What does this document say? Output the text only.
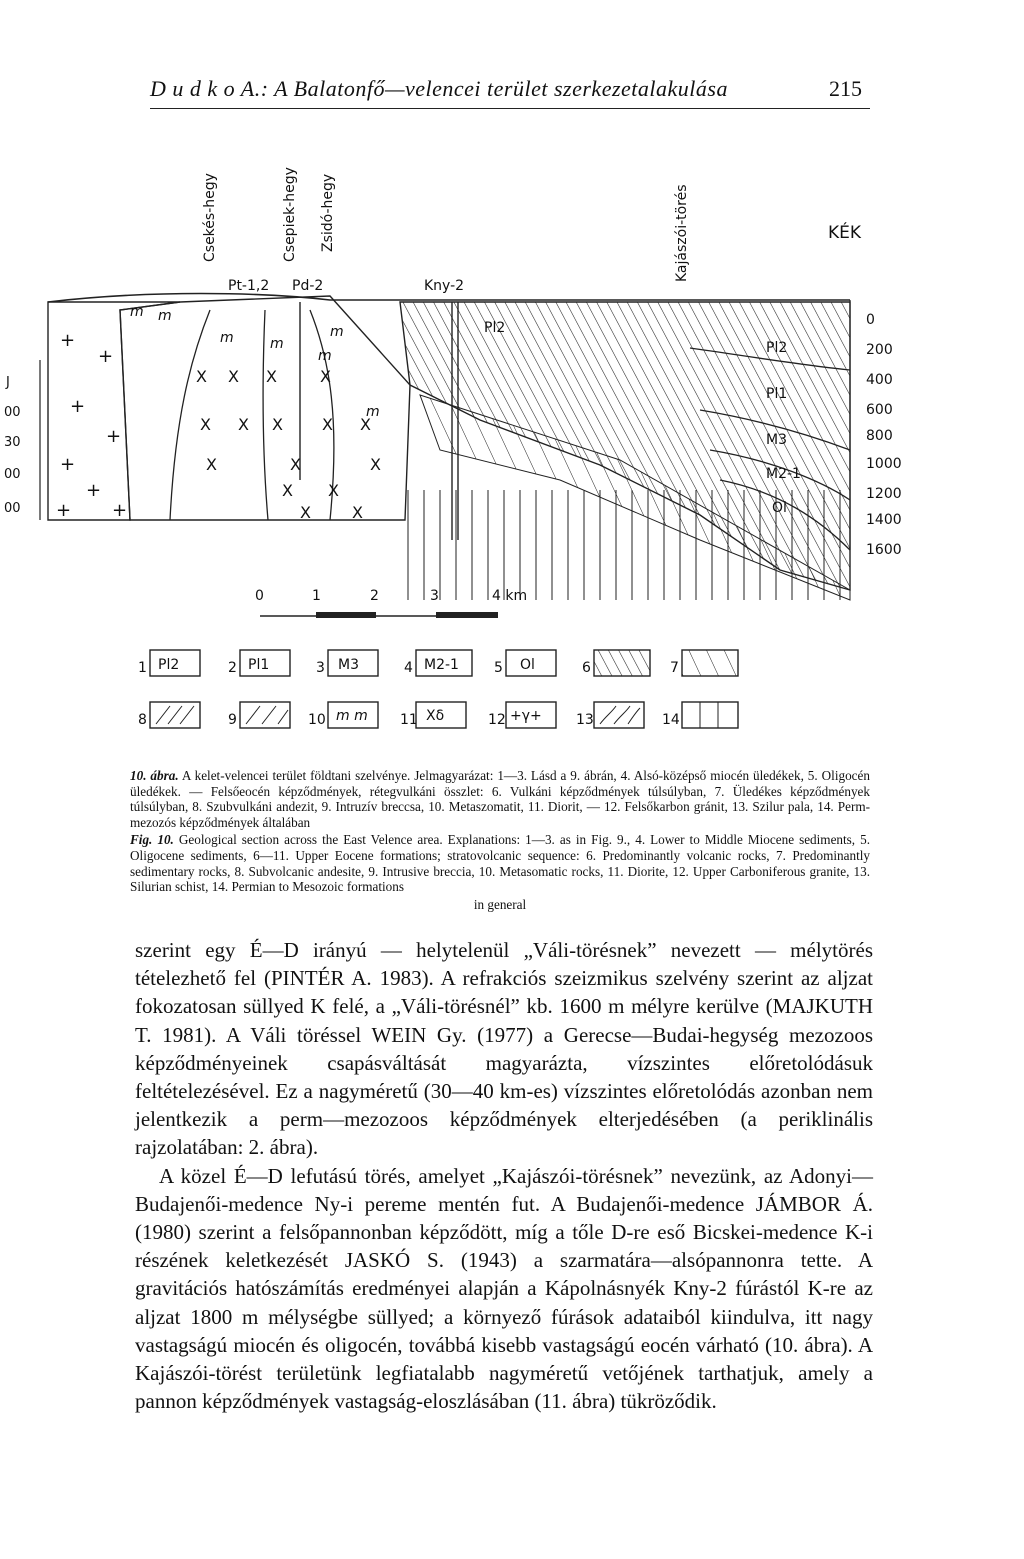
D u d k o A.: A Balatonfő—velencei terület szerkezetalakulása	215
Csekés-hegy	Csepiek-hegy Zsidó-hegy	Kajászói-törés	KÉK
Pt-1,2 Pd-2	Kny-2
+
+
+
+
+
+
+ +
X X X	X
X X X X X
X	X	X
X X
X	X
m m
m	m
m
m
m
Pl2
Pl2
Pl1
M3
M2-1
Ol
0
200
400
600
800
1000
1200
1400
1600
J
00
30
00
00
0	1	2	3	4 km
1 Pl2	2 Pl1	3 M3	4 M2-1	5 Ol	6	7
8	9	10 m m 11 Xδ	12 +γ+ 13	14

10. ábra. A kelet-velencei terület földtani szelvénye. Jelmagyarázat: 1—3. Lásd a 9. ábrán, 4. Alsó-középső miocén üledékek, 5. Oligocén üledékek. — Felsőeocén képződmények, rétegvulkáni összlet: 6. Vulkáni képződmények túlsúlyban, 7. Üledékes képződmények túlsúlyban, 8. Szubvulkáni andezit, 9. Intruzív breccsa, 10. Metaszomatit, 11. Diorit, — 12. Felsőkarbon gránit, 13. Szilur pala, 14. Perm-mezozós képződmények általában

Fig. 10. Geological section across the East Velence area. Explanations: 1—3. as in Fig. 9., 4. Lower to Middle Miocene sediments, 5. Oligocene sediments, 6—11. Upper Eocene formations; stratovolcanic sequence: 6. Predominantly volcanic rocks, 7. Predominantly sedimentary rocks, 8. Subvolcanic andesite, 9. Intrusive breccia, 10. Metasomatic rocks, 11. Diorite, 12. Upper Carboniferous granite, 13. Silurian schist, 14. Permian to Mesozoic formations

in general

szerint egy É—D irányú — helytelenül „Váli-törésnek” nevezett — mélytörés tételezhető fel (PINTÉR A. 1983). A refrakciós szeizmikus szelvény szerint az aljzat fokozatosan süllyed K felé, a „Váli-törésnél” kb. 1600 m mélyre kerülve (MAJKUTH T. 1981). A Váli töréssel WEIN Gy. (1977) a Gerecse—Budai-hegység mezozoos képződményeinek csapásváltását magyarázta, vízszintes előretolódásuk feltételezésével. Ez a nagyméretű (30—40 km-es) vízszintes előretolódás azonban nem jelentkezik a perm—mezozoos képződmények elterjedésében (a periklinális rajzolatában: 2. ábra).

A közel É—D lefutású törés, amelyet „Kajászói-törésnek” nevezünk, az Adonyi—Budajenői-medence Ny-i pereme mentén fut. A Budajenői-medence JÁMBOR Á. (1980) szerint a felsőpannonban képződött, míg a tőle D-re eső Bicskei-medence K-i részének keletkezését JASKÓ S. (1943) a szarmatára—alsópannonra tette. A gravitációs hatószámítás eredményei alapján a Kápolnásnyék Kny-2 fúrástól K-re az aljzat 1800 m mélységbe süllyed; a környező fúrások adataiból kiindulva, itt nagy vastagságú miocén és oligocén, továbbá kisebb vastagságú eocén várható (10. ábra). A Kajászói-törést területünk legfiatalabb nagyméretű vetőjének tarthatjuk, amely a pannon képződmények vastagság-eloszlásában (11. ábra) tükröződik.
